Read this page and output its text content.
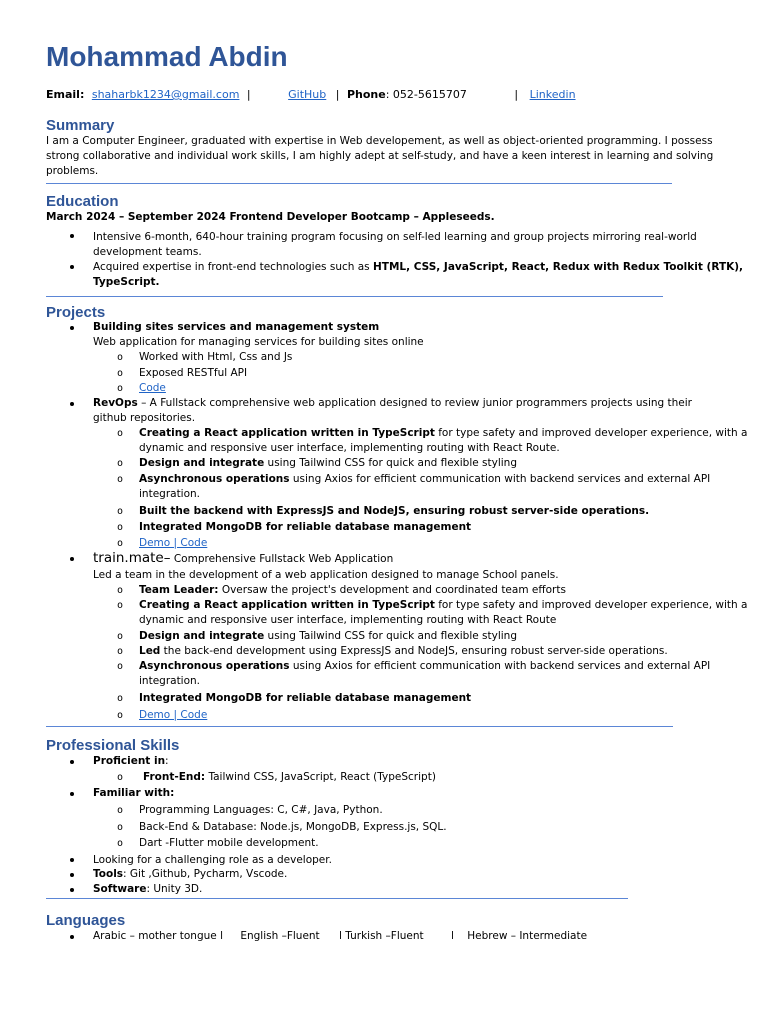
Mohammad Abdin
Email: shaharbk1234@gmail.com |	GitHub | Phone: 052-5615707	| Linkedin
Summary
I am a Computer Engineer, graduated with expertise in Web developement, as well as object-oriented programming. I possess
strong collaborative and individual work skills, I am highly adept at self-study, and have a keen interest in learning and solving
problems.
Education
March 2024 – September 2024 Frontend Developer Bootcamp – Appleseeds.
Intensive 6-month, 640-hour training program focusing on self-led learning and group projects mirroring real-world
development teams.
Acquired expertise in front-end technologies such as HTML, CSS, JavaScript, React, Redux with Redux Toolkit (RTK),
TypeScript.
Projects
Building sites services and management system
Web application for managing services for building sites online
o Worked with Html, Css and Js
o Exposed RESTful API
o Code
RevOps – A Fullstack comprehensive web application designed to review junior programmers projects using their
github repositories.
o Creating a React application written in TypeScript for type safety and improved developer experience, with a
dynamic and responsive user interface, implementing routing with React Route.
o Design and integrate using Tailwind CSS for quick and flexible styling
o Asynchronous operations using Axios for efficient communication with backend services and external API
integration.
o Built the backend with ExpressJS and NodeJS, ensuring robust server-side operations.
o Integrated MongoDB for reliable database management
o Demo | Code
train.mate– Comprehensive Fullstack Web Application
Led a team in the development of a web application designed to manage School panels.
o Team Leader: Oversaw the project's development and coordinated team efforts
o Creating a React application written in TypeScript for type safety and improved developer experience, with a
dynamic and responsive user interface, implementing routing with React Route
o Design and integrate using Tailwind CSS for quick and flexible styling
o Led the back-end development using ExpressJS and NodeJS, ensuring robust server-side operations.
o Asynchronous operations using Axios for efficient communication with backend services and external API
integration.
o Integrated MongoDB for reliable database management
o Demo | Code
Professional Skills
Proficient in:
o Front-End: Tailwind CSS, JavaScript, React (TypeScript)
Familiar with:
o Programming Languages: C, C#, Java, Python.
o Back-End & Database: Node.js, MongoDB, Express.js, SQL.
o Dart -Flutter mobile development.
Looking for a challenging role as a developer.
Tools: Git ,Github, Pycharm, Vscode.
Software: Unity 3D.
Languages
Arabic – mother tongue l English –Fluent l Turkish –Fluent	l Hebrew – Intermediate
